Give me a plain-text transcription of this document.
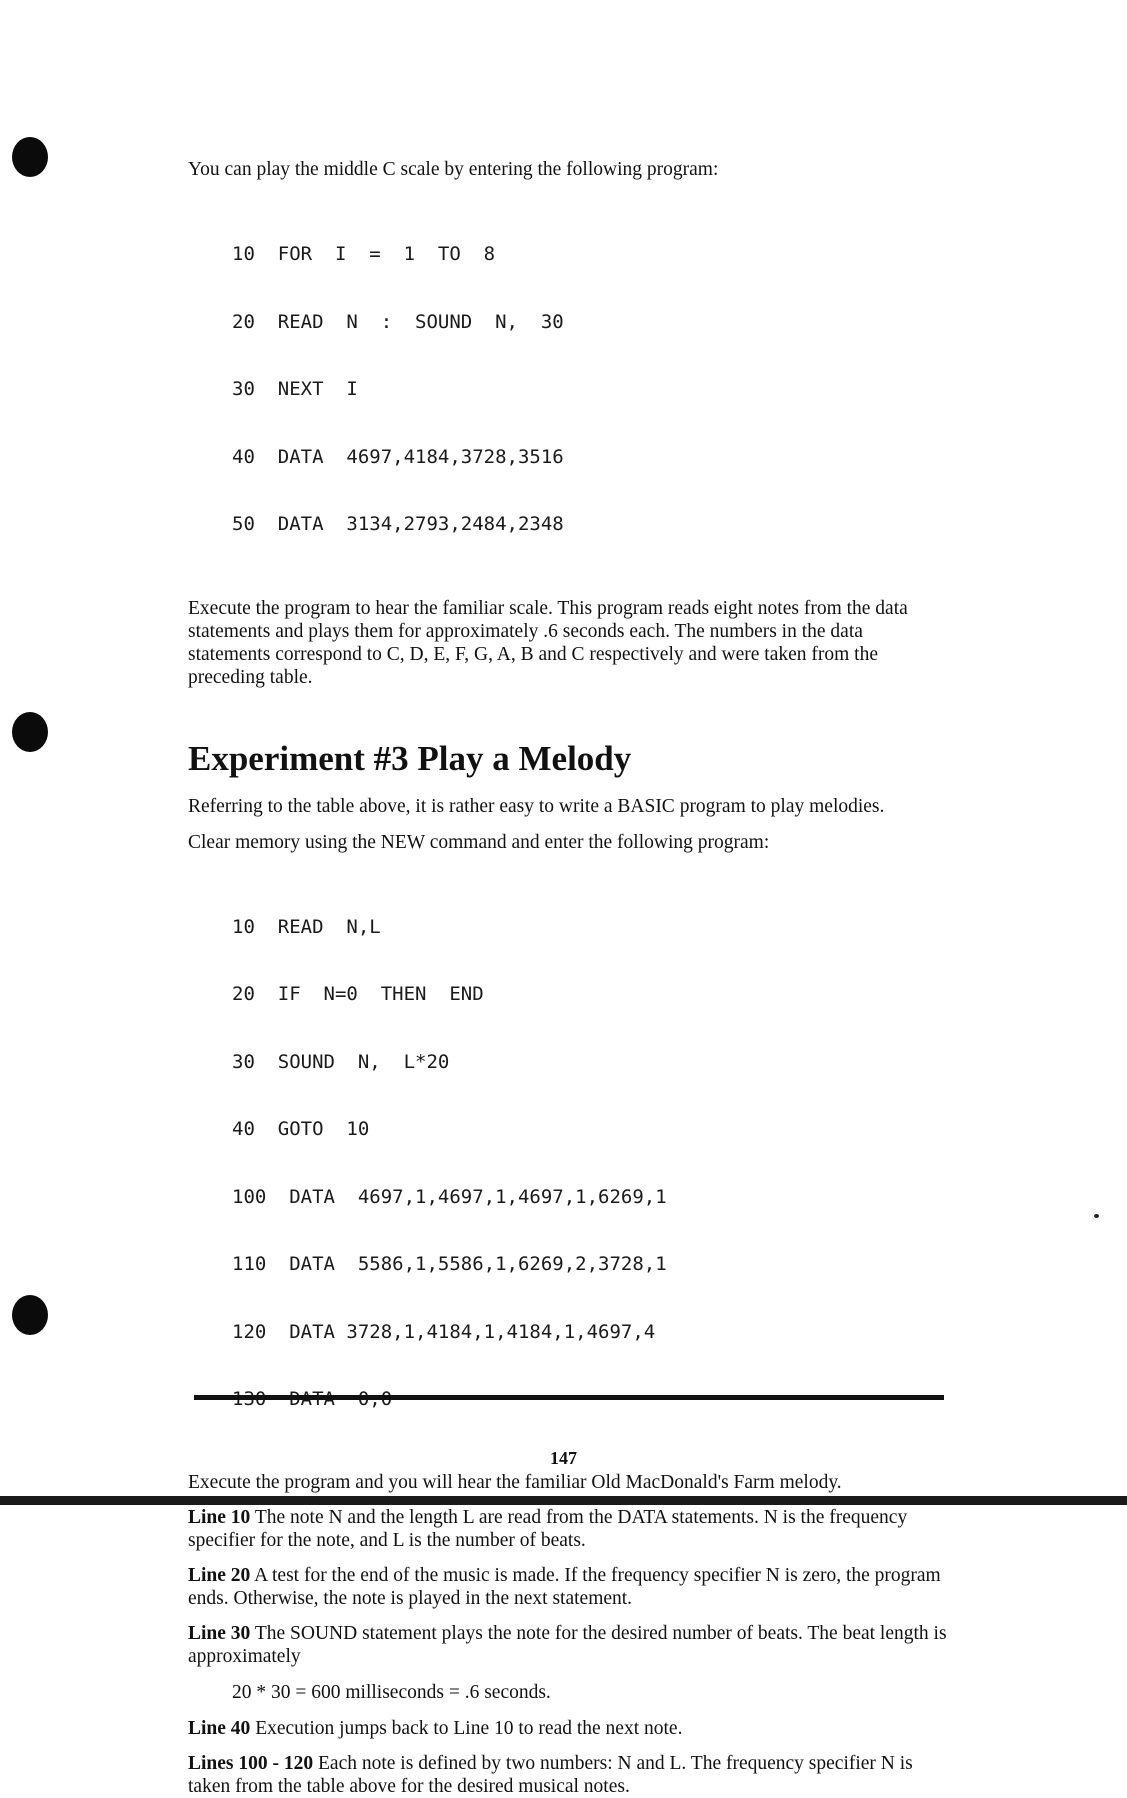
You can play the middle C scale by entering the following program:

10  FOR  I  =  1  TO  8

20  READ  N  :  SOUND  N,  30

30  NEXT  I

40  DATA  4697,4184,3728,3516

50  DATA  3134,2793,2484,2348

Execute the program to hear the familiar scale. This program reads eight notes from the data statements and plays them for approximately .6 seconds each. The numbers in the data statements correspond to C, D, E, F, G, A, B and C respectively and were taken from the preceding table.

Experiment #3 Play a Melody

Referring to the table above, it is rather easy to write a BASIC program to play melodies.

Clear memory using the NEW command and enter the following program:

10  READ  N,L

20  IF  N=0  THEN  END

30  SOUND  N,  L*20

40  GOTO  10

100  DATA  4697,1,4697,1,4697,1,6269,1

110  DATA  5586,1,5586,1,6269,2,3728,1

120  DATA 3728,1,4184,1,4184,1,4697,4

Execute the program and you will hear the familiar Old MacDonald's Farm melody.

Line 10 The note N and the length L are read from the DATA statements. N is the frequency specifier for the note, and L is the number of beats.

Line 20 A test for the end of the music is made. If the frequency specifier N is zero, the program ends. Otherwise, the note is played in the next statement.

Line 30 The SOUND statement plays the note for the desired number of beats. The beat length is approximately

20 * 30 = 600 milliseconds = .6 seconds.

Line 40 Execution jumps back to Line 10 to read the next note.

Lines 100 - 120 Each note is defined by two numbers: N and L. The frequency specifier N is taken from the table above for the desired musical notes.

147
